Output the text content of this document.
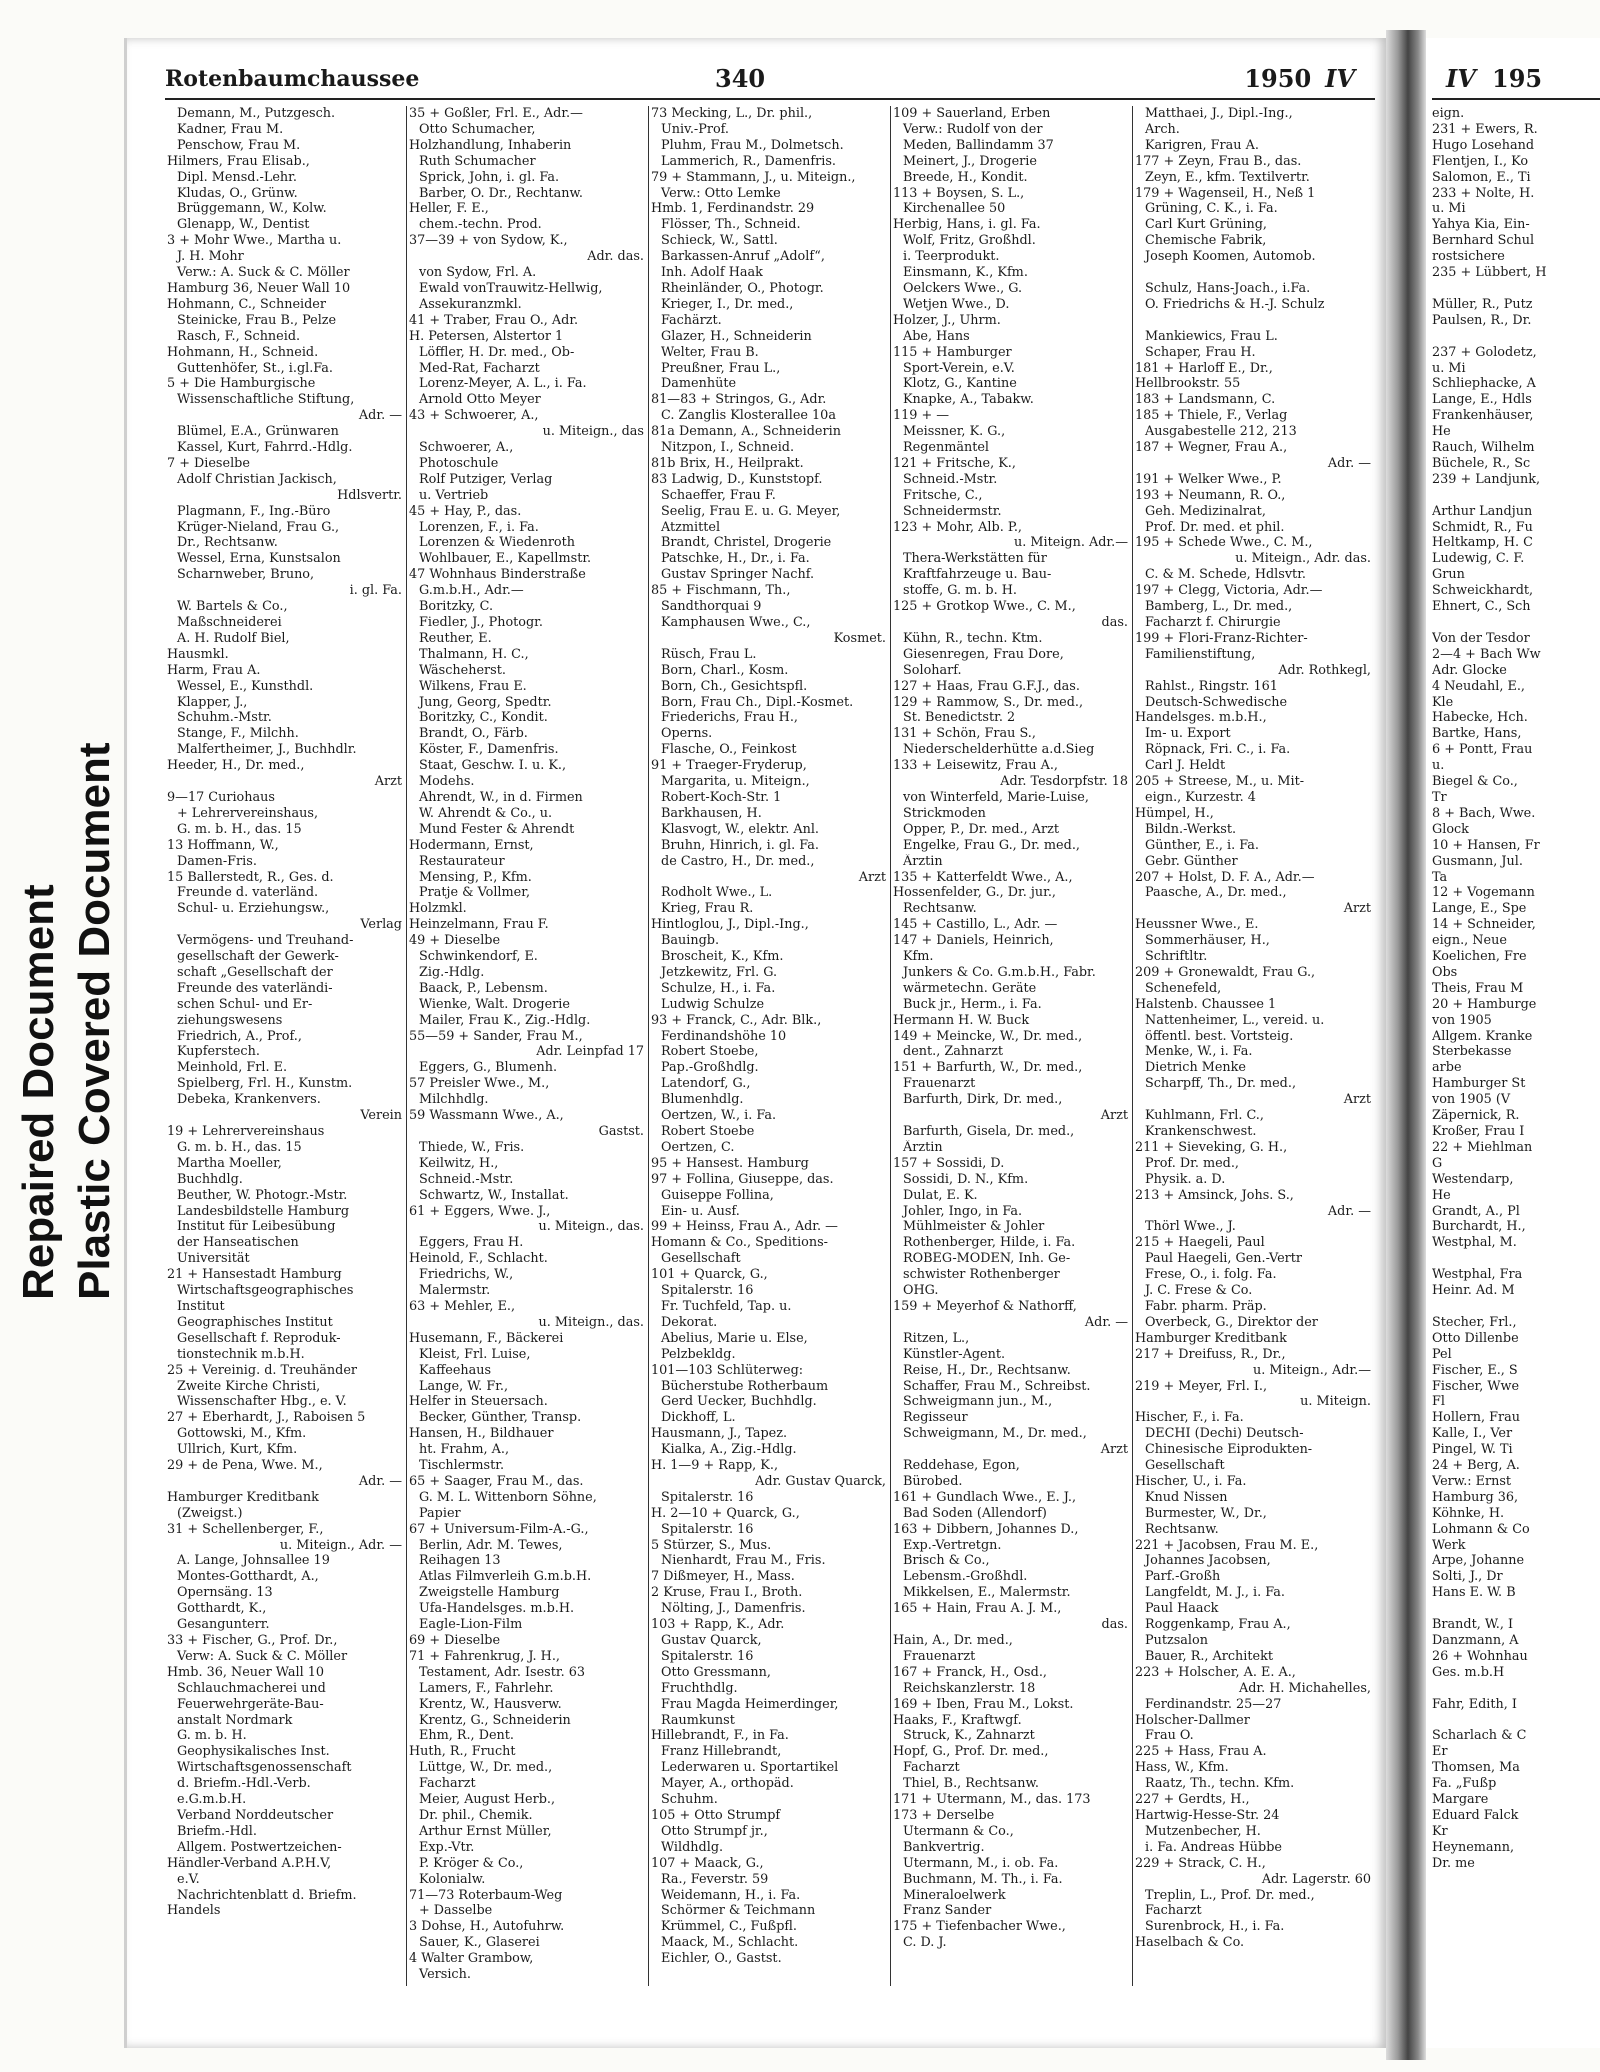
Repaired Document Plastic Covered Document
Rotenbaumchaussee	340	1950 IV
Demann, M., Putzgesch.
Kadner, Frau M.
Penschow, Frau M.
Hilmers, Frau Elisab.,
Dipl. Mensd.-Lehr.
Kludas, O., Grünw.
Brüggemann, W., Kolw.
Glenapp, W., Dentist
3 + Mohr Wwe., Martha u.
J. H. Mohr
Verw.: A. Suck & C. Möller
Hamburg 36, Neuer Wall 10
Hohmann, C., Schneider
Steinicke, Frau B., Pelze
Rasch, F., Schneid.
Hohmann, H., Schneid.
Guttenhöfer, St., i.gl.Fa.
5 + Die Hamburgische
Wissenschaftliche Stiftung,
Adr. —
Blümel, E.A., Grünwaren
Kassel, Kurt, Fahrrd.-Hdlg.
7 + Dieselbe
Adolf Christian Jackisch,
Hdlsvertr.
Plagmann, F., Ing.-Büro
Krüger-Nieland, Frau G.,
Dr., Rechtsanw.
Wessel, Erna, Kunstsalon
Scharnweber, Bruno,
i. gl. Fa.
W. Bartels & Co.,
Maßschneiderei
A. H. Rudolf Biel,
Hausmkl.
Harm, Frau A.
Wessel, E., Kunsthdl.
Klapper, J.,
Schuhm.-Mstr.
Stange, F., Milchh.
Malfertheimer, J., Buchhdlr.
Heeder, H., Dr. med.,
Arzt
9—17 Curiohaus
+ Lehrervereinshaus,
G. m. b. H., das. 15
13 Hoffmann, W.,
Damen-Fris.
15 Ballerstedt, R., Ges. d.
Freunde d. vaterländ.
Schul- u. Erziehungsw.,
Verlag
Vermögens- und Treuhand-
gesellschaft der Gewerk-
schaft „Gesellschaft der
Freunde des vaterländi-
schen Schul- und Er-
ziehungswesens
Friedrich, A., Prof.,
Kupferstech.
Meinhold, Frl. E.
Spielberg, Frl. H., Kunstm.
Debeka, Krankenvers.
Verein
19 + Lehrervereinshaus
G. m. b. H., das. 15
Martha Moeller,
Buchhdlg.
Beuther, W. Photogr.-Mstr.
Landesbildstelle Hamburg
Institut für Leibesübung
der Hanseatischen
Universität
21 + Hansestadt Hamburg
Wirtschaftsgeographisches
Institut
Geographisches Institut
Gesellschaft f. Reproduk-
tionstechnik m.b.H.
25 + Vereinig. d. Treuhänder
Zweite Kirche Christi,
Wissenschafter Hbg., e. V.
27 + Eberhardt, J., Raboisen 5
Gottowski, M., Kfm.
Ullrich, Kurt, Kfm.
29 + de Pena, Wwe. M.,
Adr. —
Hamburger Kreditbank
(Zweigst.)
31 + Schellenberger, F.,
u. Miteign., Adr. —
A. Lange, Johnsallee 19
Montes-Gotthardt, A.,
Opernsäng. 13
Gotthardt, K.,
Gesangunterr.
33 + Fischer, G., Prof. Dr.,
Verw: A. Suck & C. Möller
Hmb. 36, Neuer Wall 10
Schlauchmacherei und
Feuerwehrgeräte-Bau-
anstalt Nordmark
G. m. b. H.
Geophysikalisches Inst.
Wirtschaftsgenossenschaft
d. Briefm.-Hdl.-Verb.
e.G.m.b.H.
Verband Norddeutscher
Briefm.-Hdl.
Allgem. Postwertzeichen-
Händler-Verband A.P.H.V,
e.V.
Nachrichtenblatt d. Briefm.
Handels
35 + Goßler, Frl. E., Adr.—
Otto Schumacher,
Holzhandlung, Inhaberin
Ruth Schumacher
Sprick, John, i. gl. Fa.
Barber, O. Dr., Rechtanw.
Heller, F. E.,
chem.-techn. Prod.
37—39 + von Sydow, K.,
Adr. das.
von Sydow, Frl. A.
Ewald vonTrauwitz-Hellwig,
Assekuranzmkl.
41 + Traber, Frau O., Adr.
H. Petersen, Alstertor 1
Löffler, H. Dr. med., Ob-
Med-Rat, Facharzt
Lorenz-Meyer, A. L., i. Fa.
Arnold Otto Meyer
43 + Schwoerer, A.,
u. Miteign., das
Schwoerer, A.,
Photoschule
Rolf Putziger, Verlag
u. Vertrieb
45 + Hay, P., das.
Lorenzen, F., i. Fa.
Lorenzen & Wiedenroth
Wohlbauer, E., Kapellmstr.
47 Wohnhaus Binderstraße
G.m.b.H., Adr.—
Boritzky, C.
Fiedler, J., Photogr.
Reuther, E.
Thalmann, H. C.,
Wäscheherst.
Wilkens, Frau E.
Jung, Georg, Spedtr.
Boritzky, C., Kondit.
Brandt, O., Färb.
Köster, F., Damenfris.
Staat, Geschw. I. u. K.,
Modehs.
Ahrendt, W., in d. Firmen
W. Ahrendt & Co., u.
Mund Fester & Ahrendt
Hodermann, Ernst,
Restaurateur
Mensing, P., Kfm.
Pratje & Vollmer,
Holzmkl.
Heinzelmann, Frau F.
49 + Dieselbe
Schwinkendorf, E.
Zig.-Hdlg.
Baack, P., Lebensm.
Wienke, Walt. Drogerie
Mailer, Frau K., Zig.-Hdlg.
55—59 + Sander, Frau M.,
Adr. Leinpfad 17
Eggers, G., Blumenh.
57 Preisler Wwe., M.,
Milchhdlg.
59 Wassmann Wwe., A.,
Gastst.
Thiede, W., Fris.
Keilwitz, H.,
Schneid.-Mstr.
Schwartz, W., Installat.
61 + Eggers, Wwe. J.,
u. Miteign., das.
Eggers, Frau H.
Heinold, F., Schlacht.
Friedrichs, W.,
Malermstr.
63 + Mehler, E.,
u. Miteign., das.
Husemann, F., Bäckerei
Kleist, Frl. Luise,
Kaffeehaus
Lange, W. Fr.,
Helfer in Steuersach.
Becker, Günther, Transp.
Hansen, H., Bildhauer
ht. Frahm, A.,
Tischlermstr.
65 + Saager, Frau M., das.
G. M. L. Wittenborn Söhne,
Papier
67 + Universum-Film-A.-G.,
Berlin, Adr. M. Tewes,
Reihagen 13
Atlas Filmverleih G.m.b.H.
Zweigstelle Hamburg
Ufa-Handelsges. m.b.H.
Eagle-Lion-Film
69 + Dieselbe
71 + Fahrenkrug, J. H.,
Testament, Adr. Isestr. 63
Lamers, F., Fahrlehr.
Krentz, W., Hausverw.
Krentz, G., Schneiderin
Ehm, R., Dent.
Huth, R., Frucht
Lüttge, W., Dr. med.,
Facharzt
Meier, August Herb.,
Dr. phil., Chemik.
Arthur Ernst Müller,
Exp.-Vtr.
P. Kröger & Co.,
Kolonialw.
71—73 Roterbaum-Weg
+ Dasselbe
3 Dohse, H., Autofuhrw.
Sauer, K., Glaserei
4 Walter Grambow,
Versich.
73 Mecking, L., Dr. phil.,
Univ.-Prof.
Pluhm, Frau M., Dolmetsch.
Lammerich, R., Damenfris.
79 + Stammann, J., u. Miteign.,
Verw.: Otto Lemke
Hmb. 1, Ferdinandstr. 29
Flösser, Th., Schneid.
Schieck, W., Sattl.
Barkassen-Anruf „Adolf“,
Inh. Adolf Haak
Rheinländer, O., Photogr.
Krieger, I., Dr. med.,
Fachärzt.
Glazer, H., Schneiderin
Welter, Frau B.
Preußner, Frau L.,
Damenhüte
81—83 + Stringos, G., Adr.
C. Zanglis Klosterallee 10a
81a Demann, A., Schneiderin
Nitzpon, I., Schneid.
81b Brix, H., Heilprakt.
83 Ladwig, D., Kunststopf.
Schaeffer, Frau F.
Seelig, Frau E. u. G. Meyer,
Atzmittel
Brandt, Christel, Drogerie
Patschke, H., Dr., i. Fa.
Gustav Springer Nachf.
85 + Fischmann, Th.,
Sandthorquai 9
Kamphausen Wwe., C.,
Kosmet.
Rüsch, Frau L.
Born, Charl., Kosm.
Born, Ch., Gesichtspfl.
Born, Frau Ch., Dipl.-Kosmet.
Friederichs, Frau H.,
Operns.
Flasche, O., Feinkost
91 + Traeger-Fryderup,
Margarita, u. Miteign.,
Robert-Koch-Str. 1
Barkhausen, H.
Klasvogt, W., elektr. Anl.
Bruhn, Hinrich, i. gl. Fa.
de Castro, H., Dr. med.,
Arzt
Rodholt Wwe., L.
Krieg, Frau R.
Hintloglou, J., Dipl.-Ing.,
Bauingb.
Broscheit, K., Kfm.
Jetzkewitz, Frl. G.
Schulze, H., i. Fa.
Ludwig Schulze
93 + Franck, C., Adr. Blk.,
Ferdinandshöhe 10
Robert Stoebe,
Pap.-Großhdlg.
Latendorf, G.,
Blumenhdlg.
Oertzen, W., i. Fa.
Robert Stoebe
Oertzen, C.
95 + Hansest. Hamburg
97 + Follina, Giuseppe, das.
Guiseppe Follina,
Ein- u. Ausf.
99 + Heinss, Frau A., Adr. —
Homann & Co., Speditions-
Gesellschaft
101 + Quarck, G.,
Spitalerstr. 16
Fr. Tuchfeld, Tap. u.
Dekorat.
Abelius, Marie u. Else,
Pelzbekldg.
101—103 Schlüterweg:
Bücherstube Rotherbaum
Gerd Uecker, Buchhdlg.
Dickhoff, L.
Hausmann, J., Tapez.
Kialka, A., Zig.-Hdlg.
H. 1—9 + Rapp, K.,
Adr. Gustav Quarck,
Spitalerstr. 16
H. 2—10 + Quarck, G.,
Spitalerstr. 16
5 Stürzer, S., Mus.
Nienhardt, Frau M., Fris.
7 Dißmeyer, H., Mass.
2 Kruse, Frau I., Broth.
Nölting, J., Damenfris.
103 + Rapp, K., Adr.
Gustav Quarck,
Spitalerstr. 16
Otto Gressmann,
Fruchthdlg.
Frau Magda Heimerdinger,
Raumkunst
Hillebrandt, F., in Fa.
Franz Hillebrandt,
Lederwaren u. Sportartikel
Mayer, A., orthopäd.
Schuhm.
105 + Otto Strumpf
Otto Strumpf jr.,
Wildhdlg.
107 + Maack, G.,
Ra., Feverstr. 59
Weidemann, H., i. Fa.
Schörmer & Teichmann
Krümmel, C., Fußpfl.
Maack, M., Schlacht.
Eichler, O., Gastst.
109 + Sauerland, Erben
Verw.: Rudolf von der
Meden, Ballindamm 37
Meinert, J., Drogerie
Breede, H., Kondit.
113 + Boysen, S. L.,
Kirchenallee 50
Herbig, Hans, i. gl. Fa.
Wolf, Fritz, Großhdl.
i. Teerprodukt.
Einsmann, K., Kfm.
Oelckers Wwe., G.
Wetjen Wwe., D.
Holzer, J., Uhrm.
Abe, Hans
115 + Hamburger
Sport-Verein, e.V.
Klotz, G., Kantine
Knapke, A., Tabakw.
119 + —
Meissner, K. G.,
Regenmäntel
121 + Fritsche, K.,
Schneid.-Mstr.
Fritsche, C.,
Schneidermstr.
123 + Mohr, Alb. P.,
u. Miteign. Adr.—
Thera-Werkstätten für
Kraftfahrzeuge u. Bau-
stoffe, G. m. b. H.
125 + Grotkop Wwe., C. M.,
das.
Kühn, R., techn. Ktm.
Giesenregen, Frau Dore,
Soloharf.
127 + Haas, Frau G.F.J., das.
129 + Rammow, S., Dr. med.,
St. Benedictstr. 2
131 + Schön, Frau S.,
Niederschelderhütte a.d.Sieg
133 + Leisewitz, Frau A.,
Adr. Tesdorpfstr. 18
von Winterfeld, Marie-Luise,
Strickmoden
Opper, P., Dr. med., Arzt
Engelke, Frau G., Dr. med.,
Ärztin
135 + Katterfeldt Wwe., A.,
Hossenfelder, G., Dr. jur.,
Rechtsanw.
145 + Castillo, L., Adr. —
147 + Daniels, Heinrich,
Kfm.
Junkers & Co. G.m.b.H., Fabr.
wärmetechn. Geräte
Buck jr., Herm., i. Fa.
Hermann H. W. Buck
149 + Meincke, W., Dr. med.,
dent., Zahnarzt
151 + Barfurth, W., Dr. med.,
Frauenarzt
Barfurth, Dirk, Dr. med.,
Arzt
Barfurth, Gisela, Dr. med.,
Ärztin
157 + Sossidi, D.
Sossidi, D. N., Kfm.
Dulat, E. K.
Johler, Ingo, in Fa.
Mühlmeister & Johler
Rothenberger, Hilde, i. Fa.
ROBEG-MODEN, Inh. Ge-
schwister Rothenberger
OHG.
159 + Meyerhof & Nathorff,
Adr. —
Ritzen, L.,
Künstler-Agent.
Reise, H., Dr., Rechtsanw.
Schaffer, Frau M., Schreibst.
Schweigmann jun., M.,
Regisseur
Schweigmann, M., Dr. med.,
Arzt
Reddehase, Egon,
Bürobed.
161 + Gundlach Wwe., E. J.,
Bad Soden (Allendorf)
163 + Dibbern, Johannes D.,
Exp.-Vertretgn.
Brisch & Co.,
Lebensm.-Großhdl.
Mikkelsen, E., Malermstr.
165 + Hain, Frau A. J. M.,
das.
Hain, A., Dr. med.,
Frauenarzt
167 + Franck, H., Osd.,
Reichskanzlerstr. 18
169 + Iben, Frau M., Lokst.
Haaks, F., Kraftwgf.
Struck, K., Zahnarzt
Hopf, G., Prof. Dr. med.,
Facharzt
Thiel, B., Rechtsanw.
171 + Utermann, M., das. 173
173 + Derselbe
Utermann & Co.,
Bankvertrig.
Utermann, M., i. ob. Fa.
Buchmann, M. Th., i. Fa.
Mineraloelwerk
Franz Sander
175 + Tiefenbacher Wwe.,
C. D. J.
Matthaei, J., Dipl.-Ing.,
Arch.
Karigren, Frau A.
177 + Zeyn, Frau B., das.
Zeyn, E., kfm. Textilvertr.
179 + Wagenseil, H., Neß 1
Grüning, C. K., i. Fa.
Carl Kurt Grüning,
Chemische Fabrik,
Joseph Koomen, Automob.

Schulz, Hans-Joach., i.Fa.
O. Friedrichs & H.-J. Schulz

Mankiewics, Frau L.
Schaper, Frau H.
181 + Harloff E., Dr.,
Hellbrookstr. 55
183 + Landsmann, C.
185 + Thiele, F., Verlag
Ausgabestelle 212, 213
187 + Wegner, Frau A.,
Adr. —
191 + Welker Wwe., P.
193 + Neumann, R. O.,
Geh. Medizinalrat,
Prof. Dr. med. et phil.
195 + Schede Wwe., C. M.,
u. Miteign., Adr. das.
C. & M. Schede, Hdlsvtr.
197 + Clegg, Victoria, Adr.—
Bamberg, L., Dr. med.,
Facharzt f. Chirurgie
199 + Flori-Franz-Richter-
Familienstiftung,
Adr. Rothkegl,
Rahlst., Ringstr. 161
Deutsch-Schwedische
Handelsges. m.b.H.,
Im- u. Export
Röpnack, Fri. C., i. Fa.
Carl J. Heldt
205 + Streese, M., u. Mit-
eign., Kurzestr. 4
Hümpel, H.,
Bildn.-Werkst.
Günther, E., i. Fa.
Gebr. Günther
207 + Holst, D. F. A., Adr.—
Paasche, A., Dr. med.,
Arzt
Heussner Wwe., E.
Sommerhäuser, H.,
Schriftltr.
209 + Gronewaldt, Frau G.,
Schenefeld,
Halstenb. Chaussee 1
Nattenheimer, L., vereid. u.
öffentl. best. Vortsteig.
Menke, W., i. Fa.
Dietrich Menke
Scharpff, Th., Dr. med.,
Arzt
Kuhlmann, Frl. C.,
Krankenschwest.
211 + Sieveking, G. H.,
Prof. Dr. med.,
Physik. a. D.
213 + Amsinck, Johs. S.,
Adr. —
Thörl Wwe., J.
215 + Haegeli, Paul
Paul Haegeli, Gen.-Vertr
Frese, O., i. folg. Fa.
J. C. Frese & Co.
Fabr. pharm. Präp.
Overbeck, G., Direktor der
Hamburger Kreditbank
217 + Dreifuss, R., Dr.,
u. Miteign., Adr.—
219 + Meyer, Frl. I.,
u. Miteign.
Hischer, F., i. Fa.
DECHI (Dechi) Deutsch-
Chinesische Eiprodukten-
Gesellschaft
Hischer, U., i. Fa.
Knud Nissen
Burmester, W., Dr.,
Rechtsanw.
221 + Jacobsen, Frau M. E.,
Johannes Jacobsen,
Parf.-Großh
Langfeldt, M. J., i. Fa.
Paul Haack
Roggenkamp, Frau A.,
Putzsalon
Bauer, R., Architekt
223 + Holscher, A. E. A.,
Adr. H. Michahelles,
Ferdinandstr. 25—27
Holscher-Dallmer
Frau O.
225 + Hass, Frau A.
Hass, W., Kfm.
Raatz, Th., techn. Kfm.
227 + Gerdts, H.,
Hartwig-Hesse-Str. 24
Mutzenbecher, H.
i. Fa. Andreas Hübbe
229 + Strack, C. H.,
Adr. Lagerstr. 60
Treplin, L., Prof. Dr. med.,
Facharzt
Surenbrock, H., i. Fa.
Haselbach & Co.
IV 195
eign.
231 + Ewers, R.
Hugo Losehand
Flentjen, I., Ko
Salomon, E., Ti
233 + Nolte, H.
u. Mi
Yahya Kia, Ein-
Bernhard Schul
rostsichere
235 + Lübbert, H

Müller, R., Putz
Paulsen, R., Dr.

237 + Golodetz,
u. Mi
Schliephacke, A
Lange, E., Hdls
Frankenhäuser,
He
Rauch, Wilhelm
Büchele, R., Sc
239 + Landjunk,

Arthur Landjun
Schmidt, R., Fu
Heltkamp, H. C
Ludewig, C. F.
Grun
Schweickhardt,
Ehnert, C., Sch

Von der Tesdor
2—4 + Bach Ww
Adr. Glocke
4 Neudahl, E.,
Kle
Habecke, Hch.
Bartke, Hans,
6 + Pontt, Frau
u.
Biegel & Co.,
Tr
8 + Bach, Wwe.
Glock
10 + Hansen, Fr
Gusmann, Jul.
Ta
12 + Vogemann
Lange, E., Spe
14 + Schneider,
eign., Neue
Koelichen, Fre
Obs
Theis, Frau M
20 + Hamburge
von 1905
Allgem. Kranke
Sterbekasse
arbe
Hamburger St
von 1905 (V
Zäpernick, R.
Kroßer, Frau I
22 + Miehlman
G
Westendarp,
He
Grandt, A., Pl
Burchardt, H.,
Westphal, M.

Westphal, Fra
Heinr. Ad. M

Stecher, Frl.,
Otto Dillenbe
Pel
Fischer, E., S
Fischer, Wwe
Fl
Hollern, Frau
Kalle, I., Ver
Pingel, W. Ti
24 + Berg, A.
Verw.: Ernst
Hamburg 36,
Köhnke, H.
Lohmann & Co
Werk
Arpe, Johanne
Solti, J., Dr
Hans E. W. B

Brandt, W., I
Danzmann, A
26 + Wohnhau
Ges. m.b.H

Fahr, Edith, I

Scharlach & C
Er
Thomsen, Ma
Fa. „Fußp
Margare
Eduard Falck
Kr
Heynemann,
Dr. me
